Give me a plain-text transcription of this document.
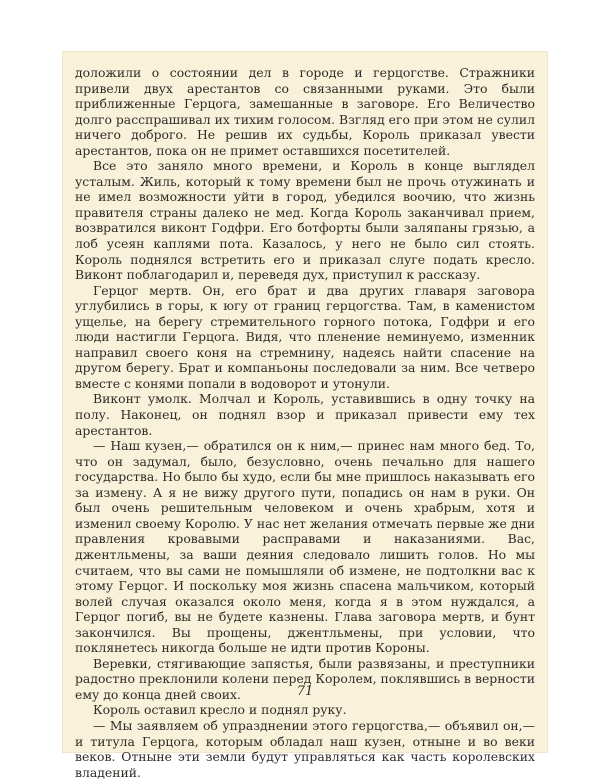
доложили о состоянии дел в городе и герцогстве. Стражники привели двух арестантов со связанными руками. Это были приближенные Герцога, замешанные в заговоре. Его Величество долго расспрашивал их тихим голосом. Взгляд его при этом не сулил ничего доброго. Не решив их судьбы, Король приказал увести арестантов, пока он не примет оставшихся посетителей.

Все это заняло много времени, и Король в конце выглядел усталым. Жиль, который к тому времени был не прочь отужинать и не имел возможности уйти в город, убедился воочию, что жизнь правителя страны далеко не мед. Когда Король заканчивал прием, возвратился виконт Годфри. Его ботфорты были заляпаны грязью, а лоб усеян каплями пота. Казалось, у него не было сил стоять. Король поднялся встретить его и приказал слуге подать кресло. Виконт поблагодарил и, переведя дух, приступил к рассказу.

Герцог мертв. Он, его брат и два других главаря заговора углубились в горы, к югу от границ герцогства. Там, в каменистом ущелье, на берегу стремительного горного потока, Годфри и его люди настигли Герцога. Видя, что пленение неминуемо, изменник направил своего коня на стремнину, надеясь найти спасение на другом берегу. Брат и компаньоны последовали за ним. Все четверо вместе с конями попали в водоворот и утонули.

Виконт умолк. Молчал и Король, уставившись в одну точку на полу. Наконец, он поднял взор и приказал привести ему тех арестантов.

— Наш кузен,— обратился он к ним,— принес нам много бед. То, что он задумал, было, безусловно, очень печально для нашего государства. Но было бы худо, если бы мне пришлось наказывать его за измену. А я не вижу другого пути, попадись он нам в руки. Он был очень решительным человеком и очень храбрым, хотя и изменил своему Королю. У нас нет желания отмечать первые же дни правления кровавыми расправами и наказаниями. Вас, джентльмены, за ваши деяния следовало лишить голов. Но мы считаем, что вы сами не помышляли об измене, не подтолкни вас к этому Герцог. И поскольку моя жизнь спасена мальчиком, который волей случая оказался около меня, когда я в этом нуждался, а Герцог погиб, вы не будете казнены. Глава заговора мертв, и бунт закончился. Вы прощены, джентльмены, при условии, что поклянетесь никогда больше не идти против Короны.

Веревки, стягивающие запястья, были развязаны, и преступники радостно преклонили колени перед Королем, поклявшись в верности ему до конца дней своих.

Король оставил кресло и поднял руку.

— Мы заявляем об упразднении этого герцогства,— объявил он,— и титула Герцога, которым обладал наш кузен, отныне и во веки веков. Отныне эти земли будут управляться как часть королевских владений.

71
